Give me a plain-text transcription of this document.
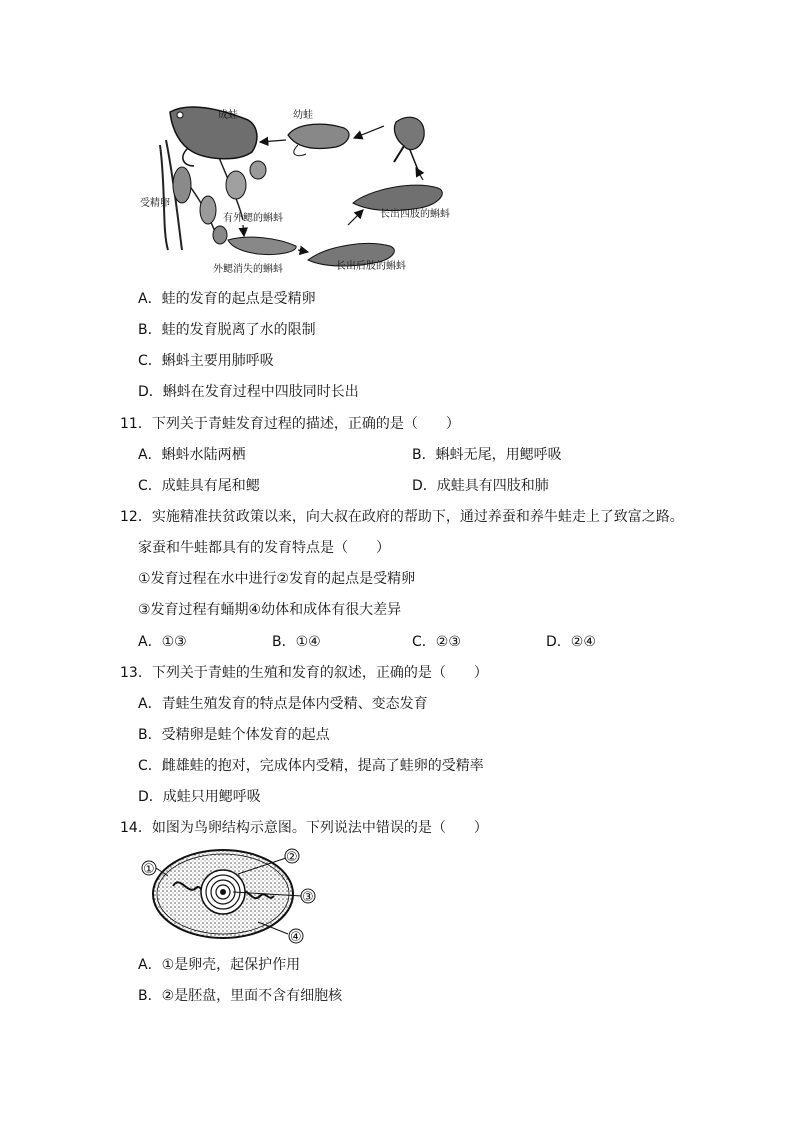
成蛙	幼蛙
受精卵
有外鳃的蝌蚪
外鳃消失的蝌蚪	长出后肢的蝌蚪
长出四肢的蝌蚪
A．蛙的发育的起点是受精卵
B．蛙的发育脱离了水的限制
C．蝌蚪主要用肺呼吸
D．蝌蚪在发育过程中四肢同时长出
11．下列关于青蛙发育过程的描述，正确的是（　　）
A．蝌蚪水陆两栖	B．蝌蚪无尾，用鳃呼吸
C．成蛙具有尾和鳃	D．成蛙具有四肢和肺
12．实施精准扶贫政策以来，向大叔在政府的帮助下，通过养蚕和养牛蛙走上了致富之路。
家蚕和牛蛙都具有的发育特点是（　　）
①发育过程在水中进行②发育的起点是受精卵
③发育过程有蛹期④幼体和成体有很大差异
A．①③	B．①④	C．②③	D．②④
13．下列关于青蛙的生殖和发育的叙述，正确的是（　　）
A．青蛙生殖发育的特点是体内受精、变态发育
B．受精卵是蛙个体发育的起点
C．雌雄蛙的抱对，完成体内受精，提高了蛙卵的受精率
D．成蛙只用鳃呼吸
14．如图为鸟卵结构示意图。下列说法中错误的是（　　）
①
②
③
④
A．①是卵壳，起保护作用
B．②是胚盘，里面不含有细胞核
